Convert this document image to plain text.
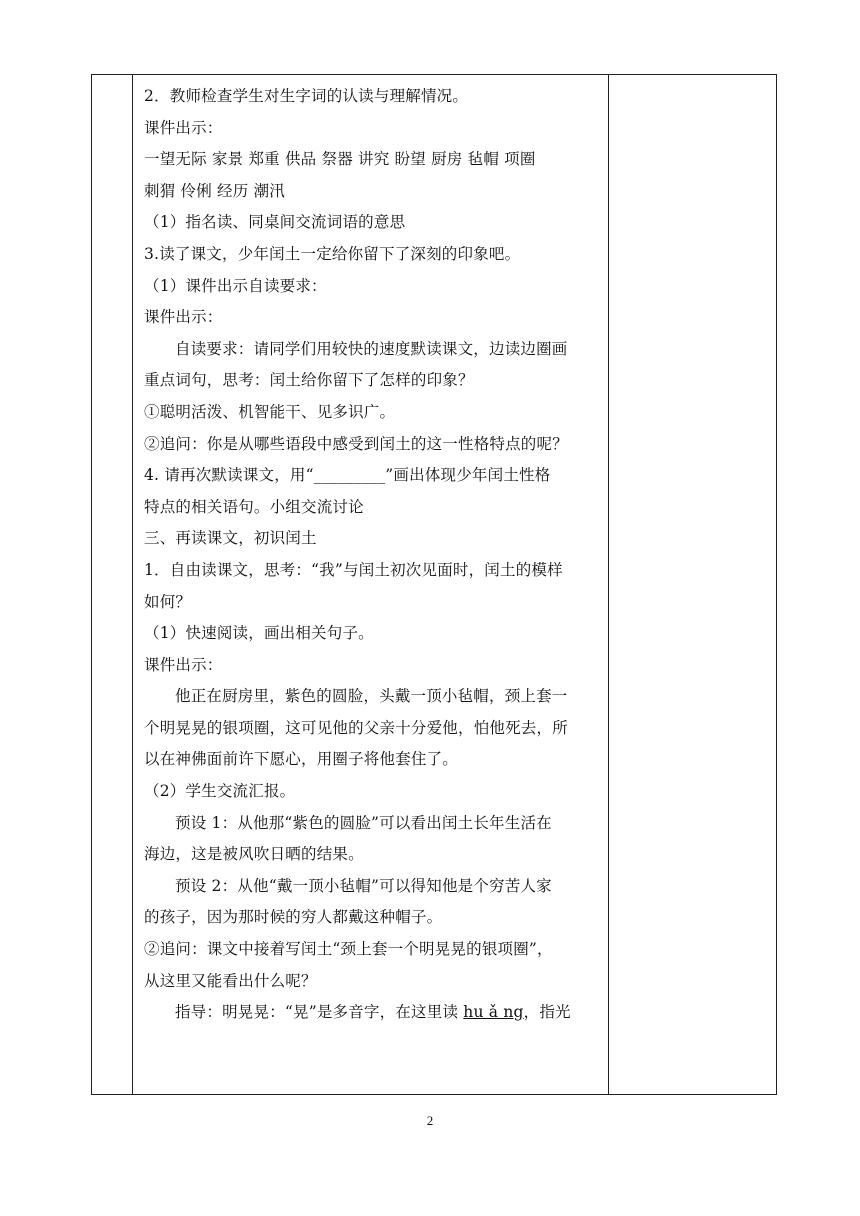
2．教师检查学生对生字词的认读与理解情况。
课件出示：
一望无际 家景 郑重 供品 祭器 讲究 盼望 厨房 毡帽 项圈
刺猬 伶俐 经历 潮汛
（1）指名读、同桌间交流词语的意思
3.读了课文，少年闰土一定给你留下了深刻的印象吧。
（1）课件出示自读要求：
课件出示：
自读要求：请同学们用较快的速度默读课文，边读边圈画
重点词句，思考：闰土给你留下了怎样的印象？
①聪明活泼、机智能干、见多识广。
②追问：你是从哪些语段中感受到闰土的这一性格特点的呢？
4. 请再次默读课文，用“_________”画出体现少年闰土性格
特点的相关语句。小组交流讨论
三、再读课文，初识闰土
1．自由读课文，思考：“我”与闰土初次见面时，闰土的模样
如何？
（1）快速阅读，画出相关句子。
课件出示：
他正在厨房里，紫色的圆脸，头戴一顶小毡帽，颈上套一
个明晃晃的银项圈，这可见他的父亲十分爱他，怕他死去，所
以在神佛面前许下愿心，用圈子将他套住了。
（2）学生交流汇报。
预设 1：从他那“紫色的圆脸”可以看出闰土长年生活在
海边，这是被风吹日晒的结果。
预设 2：从他“戴一顶小毡帽”可以得知他是个穷苦人家
的孩子，因为那时候的穷人都戴这种帽子。
②追问：课文中接着写闰土“颈上套一个明晃晃的银项圈”，
从这里又能看出什么呢？
指导：明晃晃：“晃”是多音字，在这里读 hu ǎ ng，指光
2
